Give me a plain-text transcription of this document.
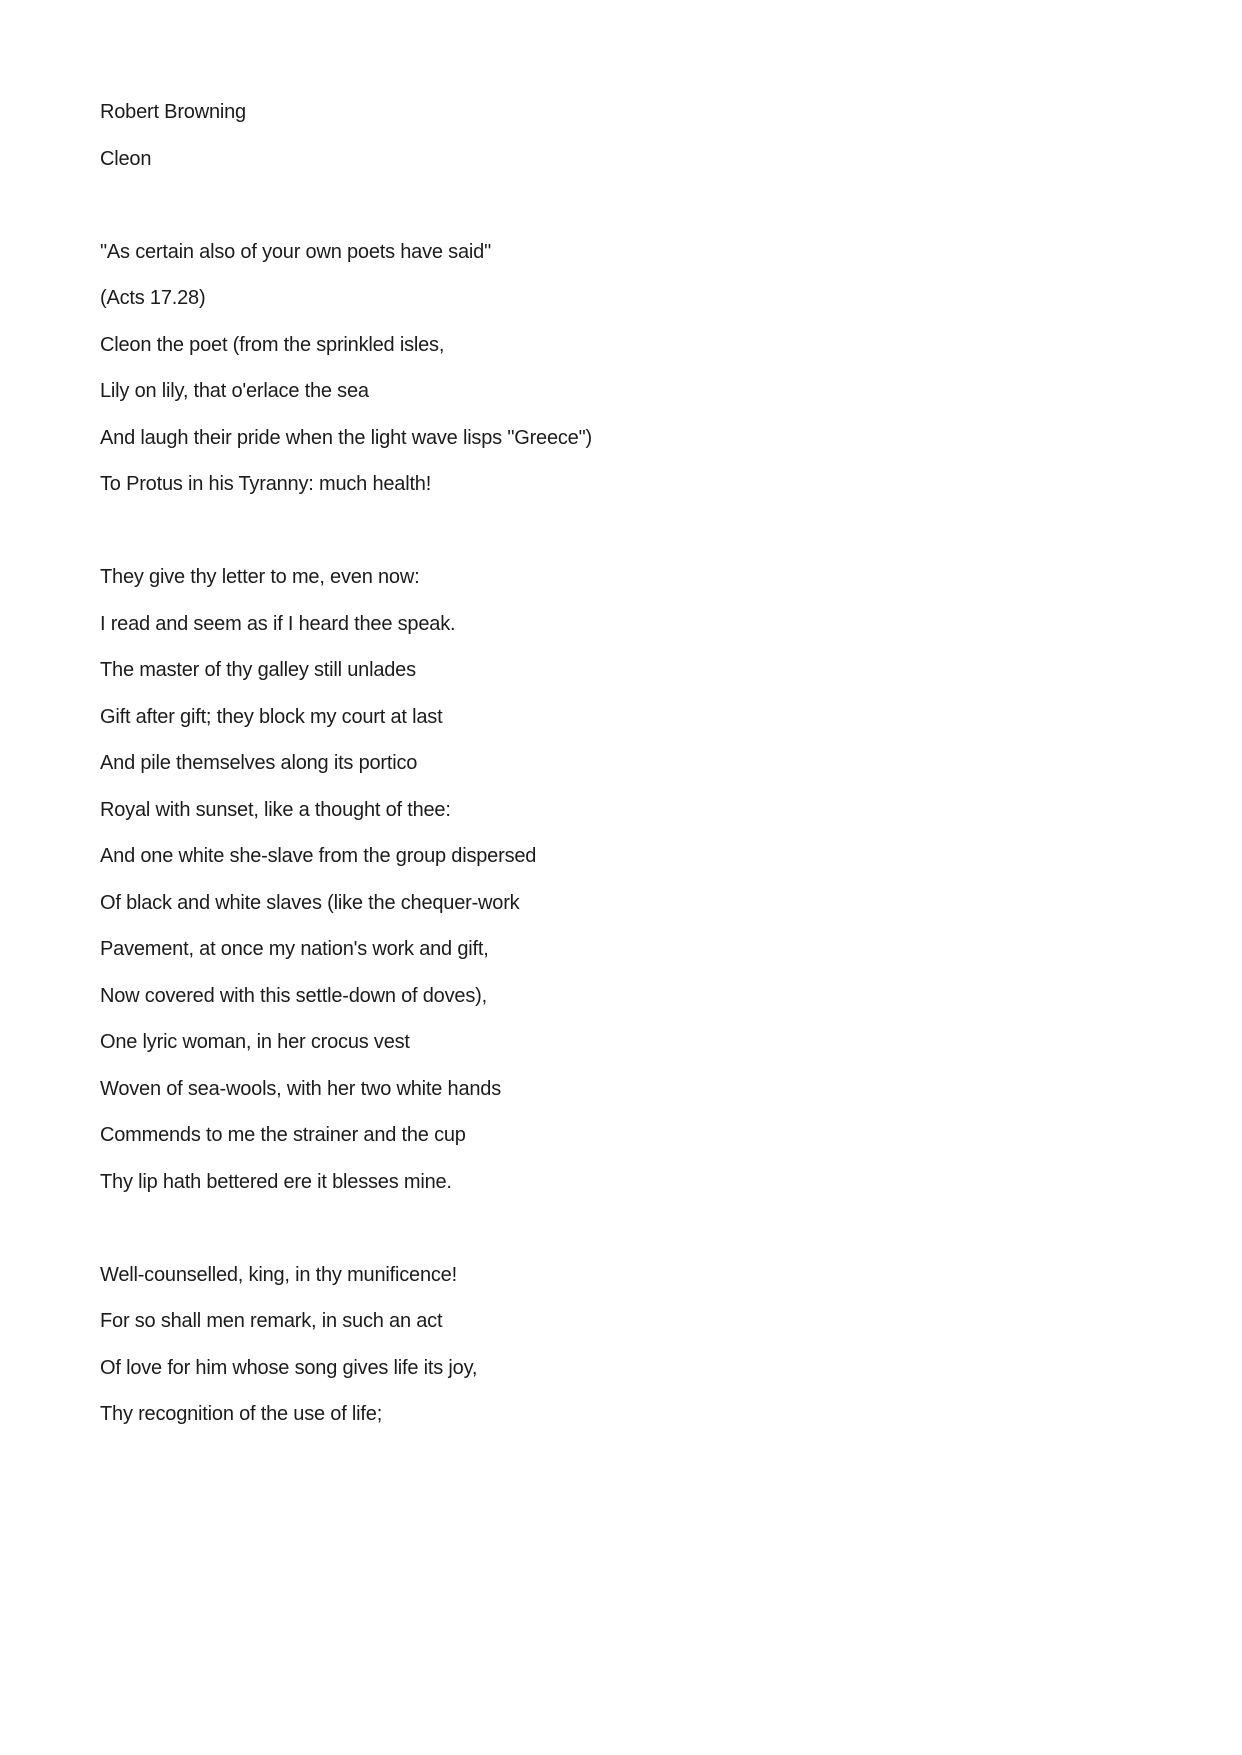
Robert Browning

Cleon

"As certain also of your own poets have said"

(Acts 17.28)

Cleon the poet (from the sprinkled isles,

Lily on lily, that o'erlace the sea

And laugh their pride when the light wave lisps "Greece")

To Protus in his Tyranny: much health!

They give thy letter to me, even now:

I read and seem as if I heard thee speak.

The master of thy galley still unlades

Gift after gift; they block my court at last

And pile themselves along its portico

Royal with sunset, like a thought of thee:

And one white she-slave from the group dispersed

Of black and white slaves (like the chequer-work

Pavement, at once my nation's work and gift,

Now covered with this settle-down of doves),

One lyric woman, in her crocus vest

Woven of sea-wools, with her two white hands

Commends to me the strainer and the cup

Thy lip hath bettered ere it blesses mine.

Well-counselled, king, in thy munificence!

For so shall men remark, in such an act

Of love for him whose song gives life its joy,

Thy recognition of the use of life;
